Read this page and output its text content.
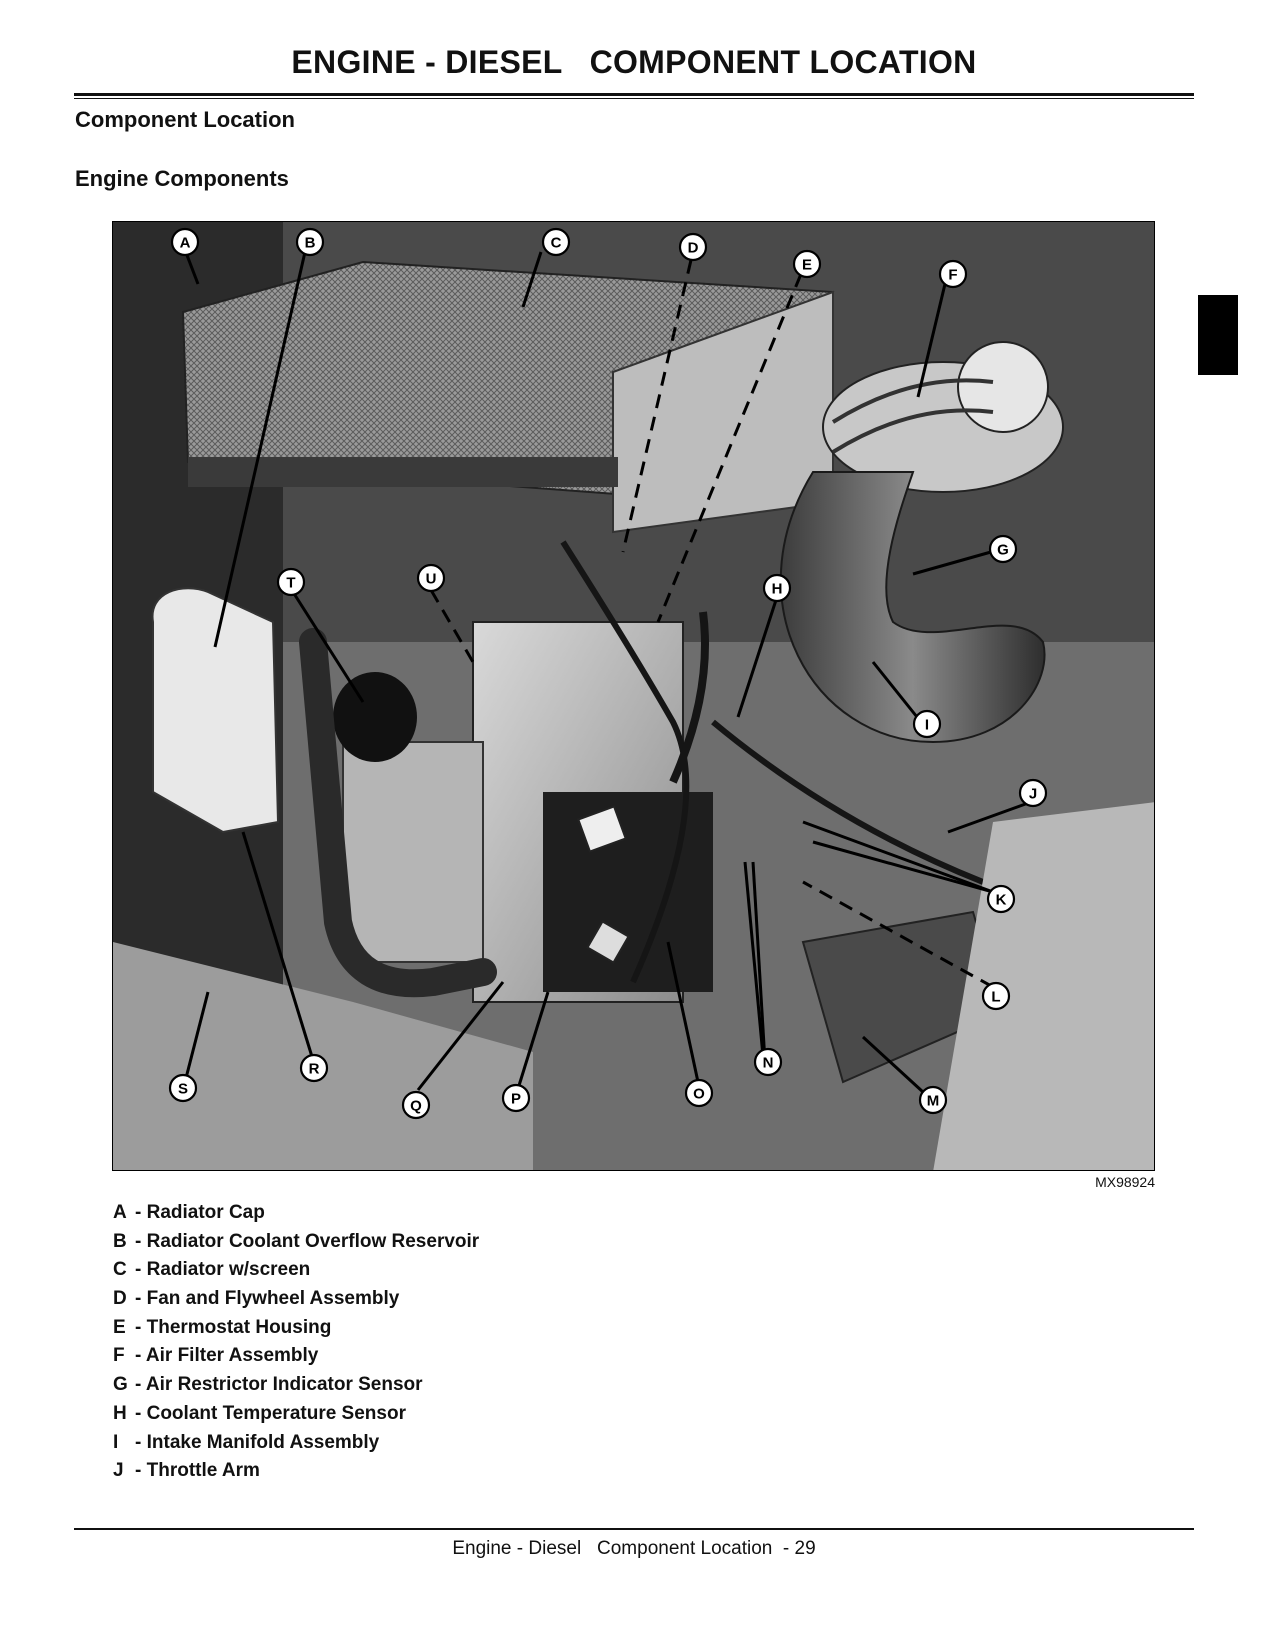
ENGINE - DIESEL   COMPONENT LOCATION
Component Location
Engine Components
A	B	C	D
E
F
G
H
I
J
K
L
M
N
O
P
Q
R
S
T	U
MX98924
A - Radiator Cap
B - Radiator Coolant Overflow Reservoir
C - Radiator w/screen
D - Fan and Flywheel Assembly
E - Thermostat Housing
F - Air Filter Assembly
G - Air Restrictor Indicator Sensor
H - Coolant Temperature Sensor
I - Intake Manifold Assembly
J - Throttle Arm
Engine - Diesel   Component Location  - 29
